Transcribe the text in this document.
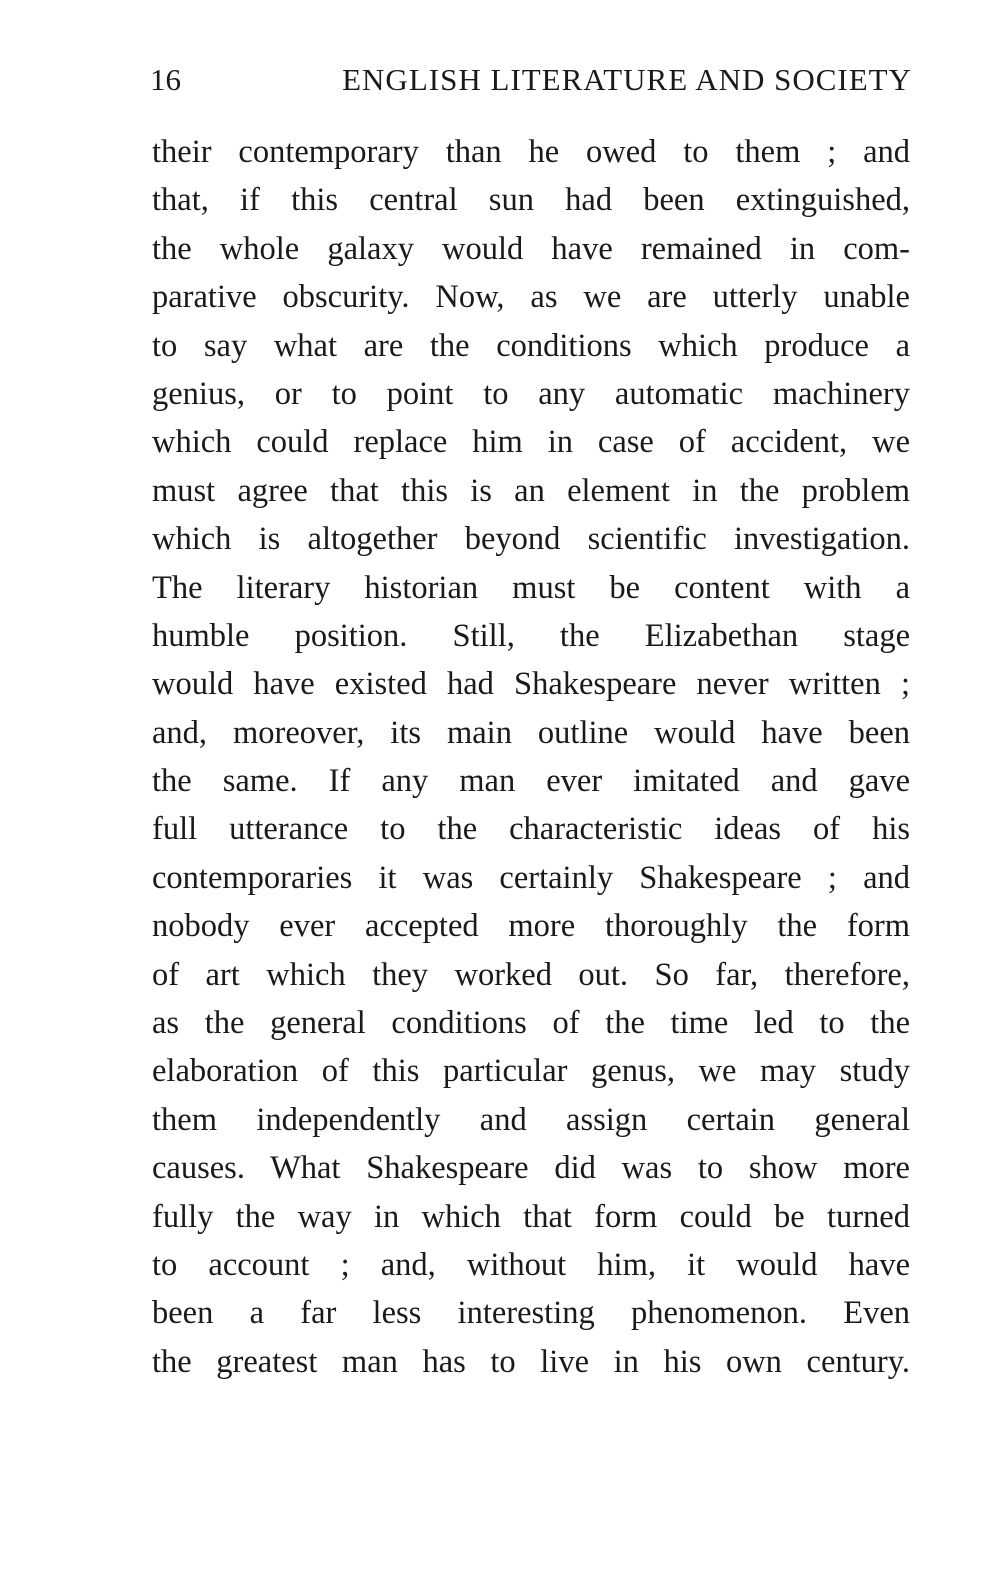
16	ENGLISH LITERATURE AND SOCIETY
their contemporary than he owed to them ; and
that, if this central sun had been extinguished,
the whole galaxy would have remained in com-
parative obscurity. Now, as we are utterly unable
to say what are the conditions which produce a
genius, or to point to any automatic machinery
which could replace him in case of accident, we
must agree that this is an element in the problem
which is altogether beyond scientific investigation.
The literary historian must be content with a
humble position. Still, the Elizabethan stage
would have existed had Shakespeare never written ;
and, moreover, its main outline would have been
the same. If any man ever imitated and gave
full utterance to the characteristic ideas of his
contemporaries it was certainly Shakespeare ; and
nobody ever accepted more thoroughly the form
of art which they worked out. So far, therefore,
as the general conditions of the time led to the
elaboration of this particular genus, we may study
them independently and assign certain general
causes. What Shakespeare did was to show more
fully the way in which that form could be turned
to account ; and, without him, it would have
been a far less interesting phenomenon. Even
the greatest man has to live in his own century.
